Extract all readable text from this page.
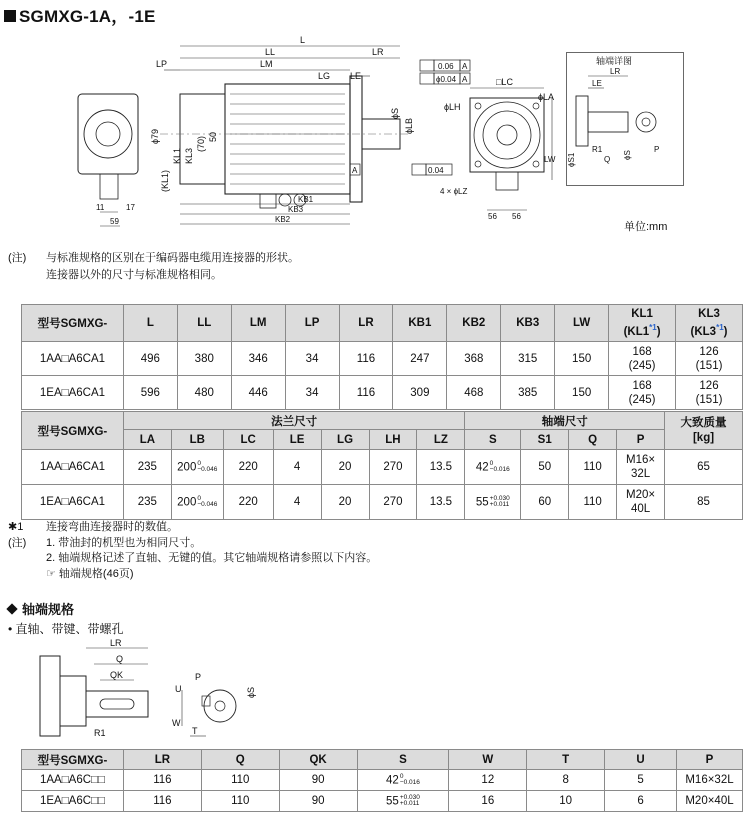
SGMXG-1A，-1E
L
LL
LP	LM
LR
LG LE
ϕ79
(KL1)
KL1 KL3
(70) 50
ϕS
ϕLB
0.06 A
ϕ0.04 A
0.04
A
KB1
KB3
KB2
11	17
59
□LC
ϕLH
ϕLA
LW
4 × ϕLZ
56 56
轴端详图
LR
LE
ϕS1	ϕS
R1
Q
P
单位:mm
(注)	与标准规格的区别在于编码器电缆用连接器的形状。
连接器以外的尺寸与标准规格相同。
型号SGMXG-	L	LL	LM	LP	LR	KB1	KB2	KB3	LW	KL1
(KL1$^{*1}$)	KL3
(KL3$^{*1}$)
1AA□A6CA1	496	380	346	34	116	247	368	315	150	168
(245)	126
(151)
1EA□A6CA1	596	480	446	34	116	309	468	385	150	168
(245)	126
(151)
型号SGMXG-	法兰尺寸							轴端尺寸				大致质量
[kg]
	LA	LB	LC	LE	LG	LH	LZ	S	S1	Q	P	
1AA□A6CA1	235	200 0
−0.046	220	4	20	270	13.5	42 0
−0.016	50	110	M16×
32L	65
1EA□A6CA1	235	200 0
−0.046	220	4	20	270	13.5	55 +0.030
+0.011	60	110	M20×
40L	85
✱1	连接弯曲连接器时的数值。
(注)	1. 带油封的机型也为相同尺寸。
2. 轴端规格记述了直轴、无键的值。其它轴端规格请参照以下内容。
☞ 轴端规格(46页)
轴端规格
• 直轴、带键、带螺孔
LR
Q
QK
R1
P
U
W
T
ϕS
型号SGMXG-	LR	Q	QK	S	W	T	U	P
1AA□A6C□□	116	110	90	42 0
−0.016	12	8	5	M16×32L
1EA□A6C□□	116	110	90	55 +0.030
+0.011	16	10	6	M20×40L
